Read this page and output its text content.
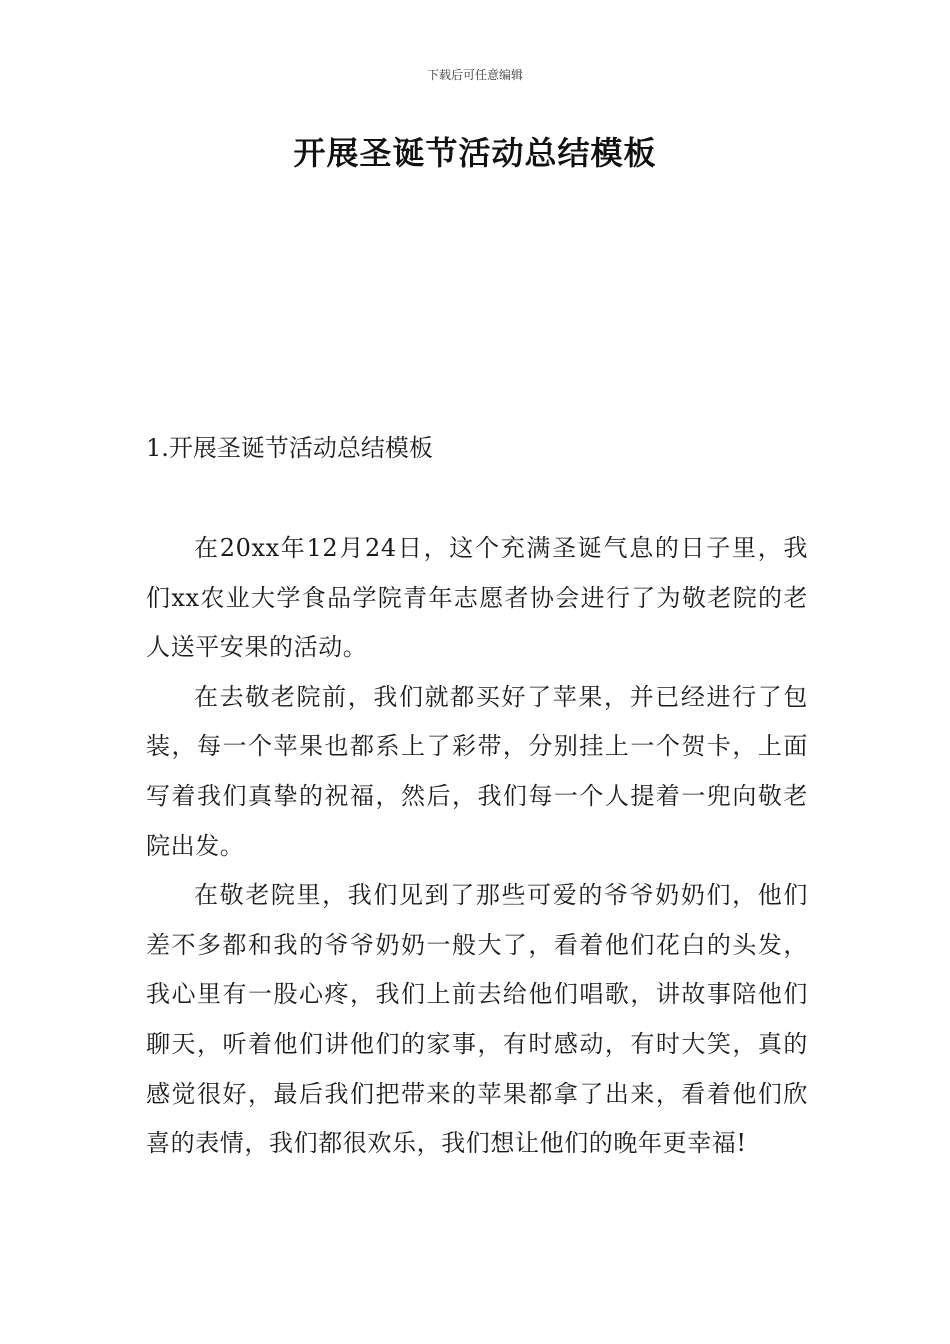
下载后可任意编辑
开展圣诞节活动总结模板
1.开展圣诞节活动总结模板

在20xx年12月24日，这个充满圣诞气息的日子里，我们xx农业大学食品学院青年志愿者协会进行了为敬老院的老人送平安果的活动。

在去敬老院前，我们就都买好了苹果，并已经进行了包装，每一个苹果也都系上了彩带，分别挂上一个贺卡，上面写着我们真挚的祝福，然后，我们每一个人提着一兜向敬老院出发。

在敬老院里，我们见到了那些可爱的爷爷奶奶们，他们差不多都和我的爷爷奶奶一般大了，看着他们花白的头发，我心里有一股心疼，我们上前去给他们唱歌，讲故事陪他们聊天，听着他们讲他们的家事，有时感动，有时大笑，真的感觉很好，最后我们把带来的苹果都拿了出来，看着他们欣喜的表情，我们都很欢乐，我们想让他们的晚年更幸福!
